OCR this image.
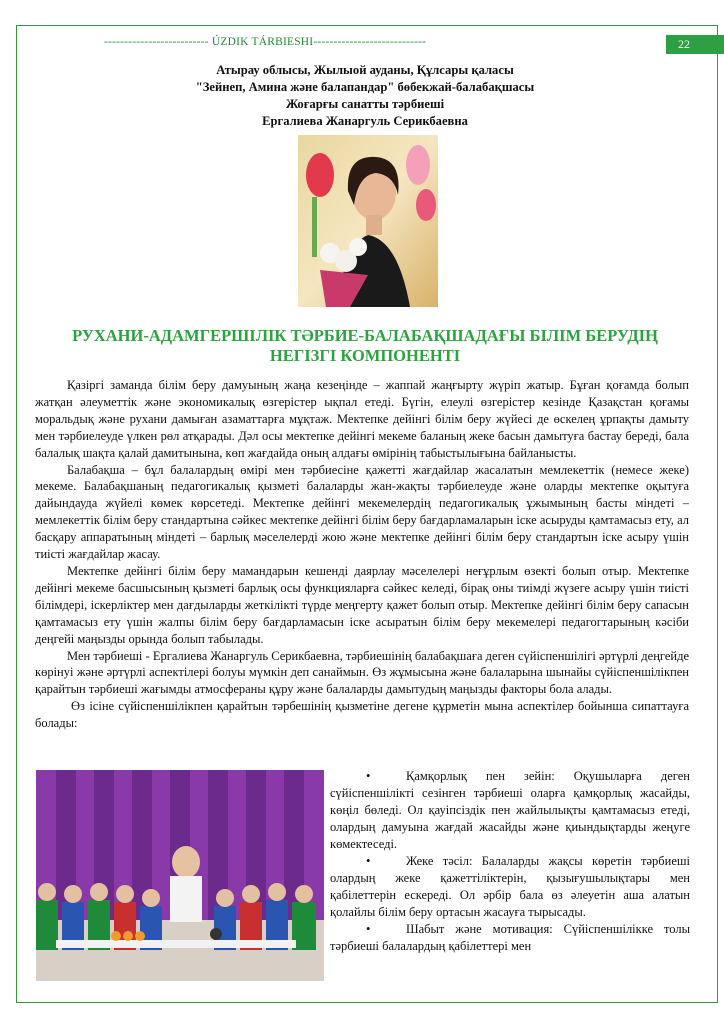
-------------------------- ÚZDIK TÁRBIESHI----------------------------	22
Атырау облысы, Жылыой ауданы, Құлсары қаласы
"Зейнеп, Амина және балапандар" бөбекжай-балабақшасы
Жоғарғы санатты тәрбиеші
Ергалиева Жанаргуль Серикбаевна
РУХАНИ-АДАМГЕРШІЛІК ТӘРБИЕ-БАЛАБАҚШАДАҒЫ БІЛІМ БЕРУДІҢ НЕГІЗГІ КОМПОНЕНТІ

Қазіргі заманда білім беру дамуының жаңа кезеңінде – жаппай жаңғырту жүріп жатыр. Бұған қоғамда болып жатқан әлеуметтік және экономикалық өзгерістер ықпал етеді. Бүгін, елеулі өзгерістер кезінде Қазақстан қоғамы моральдық және рухани дамыған азаматтарға мұқтаж. Мектепке дейінгі білім беру жүйесі де өскелең ұрпақты дамыту мен тәрбиелеуде үлкен рөл атқарады. Дәл осы мектепке дейінгі мекеме баланың жеке басын дамытуға бастау береді, бала балалық шақта қалай дамитынына, көп жағдайда оның алдағы өмірінің табыстылығына байланысты.

Балабақша – бұл балалардың өмірі мен тәрбиесіне қажетті жағдайлар жасалатын мемлекеттік (немесе жеке) мекеме. Балабақшаның педагогикалық қызметі балаларды жан-жақты тәрбиелеуде және оларды мектепке оқытуға дайындауда жүйелі көмек көрсетеді. Мектепке дейінгі мекемелердің педагогикалық ұжымының басты міндеті – мемлекеттік білім беру стандартына сәйкес мектепке дейінгі білім беру бағдарламаларын іске асыруды қамтамасыз ету, ал басқару аппаратының міндеті – барлық мәселелерді жою және мектепке дейінгі білім беру стандартын іске асыру үшін тиісті жағдайлар жасау.

Мектепке дейінгі білім беру мамандарын кешенді даярлау мәселелері неғұрлым өзекті болып отыр. Мектепке дейінгі мекеме басшысының қызметі барлық осы функцияларға сәйкес келеді, бірақ оны тиімді жүзеге асыру үшін тиісті білімдері, іскерліктер мен дағдыларды жеткілікті түрде меңгерту қажет болып отыр. Мектепке дейінгі білім беру сапасын қамтамасыз ету үшін жалпы білім беру бағдарламасын іске асыратын білім беру мекемелері педагогтарының кәсіби деңгейі маңызды орында болып табылады.

Мен тәрбиеші - Ергалиева Жанаргуль Серикбаевна, тәрбиешінің балабақшаға деген сүйіспеншілігі әртүрлі деңгейде көрінуі және әртүрлі аспектілері болуы мүмкін деп санаймын. Өз жұмысына және балаларына шынайы сүйіспеншілікпен қарайтын тәрбиеші жағымды атмосфераны құру және балаларды дамытудың маңызды факторы бола алады.

Өз ісіне сүйіспеншілікпен қарайтын тәрбешінің қызметіне дегене құрметін мына аспектілер бойынша сипаттауға болады:

•	Қамқорлық пен зейін: Оқушыларға деген сүйіспеншілікті сезінген тәрбиеші оларға қамқорлық жасайды, көңіл бөледі. Ол қауіпсіздік пен жайлылықты қамтамасыз етеді, олардың дамуына жағдай жасайды және қиындықтарды жеңуге көмектеседі.

•	Жеке тәсіл: Балаларды жақсы көретін тәрбиеші олардың жеке қажеттіліктерін, қызығушылықтары мен қабілеттерін ескереді. Ол әрбір бала өз әлеуетін аша алатын қолайлы білім беру ортасын жасауға тырысады.

•	Шабыт және мотивация: Сүйіспеншілікке толы тәрбиеші балалардың қабілеттері мен
